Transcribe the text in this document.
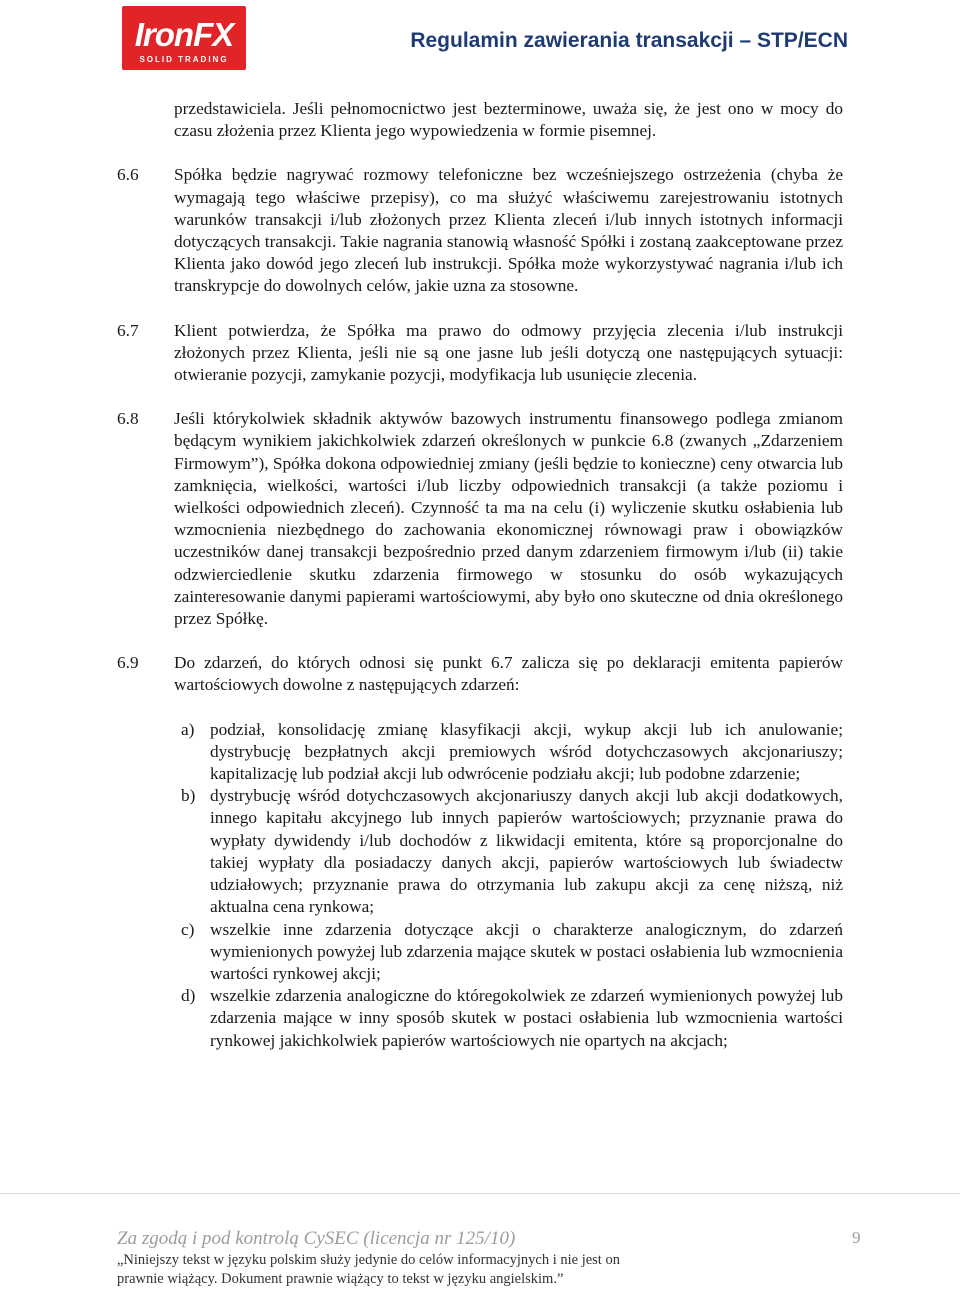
IronFX
SOLID TRADING
Regulamin zawierania transakcji – STP/ECN

przedstawiciela. Jeśli pełnomocnictwo jest bezterminowe, uważa się, że jest ono w mocy do czasu złożenia przez Klienta jego wypowiedzenia w formie pisemnej.

6.6 Spółka będzie nagrywać rozmowy telefoniczne bez wcześniejszego ostrzeżenia (chyba że wymagają tego właściwe przepisy), co ma służyć właściwemu zarejestrowaniu istotnych warunków transakcji i/lub złożonych przez Klienta zleceń i/lub innych istotnych informacji dotyczących transakcji. Takie nagrania stanowią własność Spółki i zostaną zaakceptowane przez Klienta jako dowód jego zleceń lub instrukcji. Spółka może wykorzystywać nagrania i/lub ich transkrypcje do dowolnych celów, jakie uzna za stosowne.
6.7 Klient potwierdza, że Spółka ma prawo do odmowy przyjęcia zlecenia i/lub instrukcji złożonych przez Klienta, jeśli nie są one jasne lub jeśli dotyczą one następujących sytuacji: otwieranie pozycji, zamykanie pozycji, modyfikacja lub usunięcie zlecenia.
6.8 Jeśli którykolwiek składnik aktywów bazowych instrumentu finansowego podlega zmianom będącym wynikiem jakichkolwiek zdarzeń określonych w punkcie 6.8 (zwanych „Zdarzeniem Firmowym”), Spółka dokona odpowiedniej zmiany (jeśli będzie to konieczne) ceny otwarcia lub zamknięcia, wielkości, wartości i/lub liczby odpowiednich transakcji (a także poziomu i wielkości odpowiednich zleceń). Czynność ta ma na celu (i) wyliczenie skutku osłabienia lub wzmocnienia niezbędnego do zachowania ekonomicznej równowagi praw i obowiązków uczestników danej transakcji bezpośrednio przed danym zdarzeniem firmowym i/lub (ii) takie odzwierciedlenie skutku zdarzenia firmowego w stosunku do osób wykazujących zainteresowanie danymi papierami wartościowymi, aby było ono skuteczne od dnia określonego przez Spółkę.
6.9 Do zdarzeń, do których odnosi się punkt 6.7 zalicza się po deklaracji emitenta papierów wartościowych dowolne z następujących zdarzeń:
a) podział, konsolidację zmianę klasyfikacji akcji, wykup akcji lub ich anulowanie; dystrybucję bezpłatnych akcji premiowych wśród dotychczasowych akcjonariuszy; kapitalizację lub podział akcji lub odwrócenie podziału akcji; lub podobne zdarzenie;
b) dystrybucję wśród dotychczasowych akcjonariuszy danych akcji lub akcji dodatkowych, innego kapitału akcyjnego lub innych papierów wartościowych; przyznanie prawa do wypłaty dywidendy i/lub dochodów z likwidacji emitenta, które są proporcjonalne do takiej wypłaty dla posiadaczy danych akcji, papierów wartościowych lub świadectw udziałowych; przyznanie prawa do otrzymania lub zakupu akcji za cenę niższą, niż aktualna cena rynkowa;
c) wszelkie inne zdarzenia dotyczące akcji o charakterze analogicznym, do zdarzeń wymienionych powyżej lub zdarzenia mające skutek w postaci osłabienia lub wzmocnienia wartości rynkowej akcji;
d) wszelkie zdarzenia analogiczne do któregokolwiek ze zdarzeń wymienionych powyżej lub zdarzenia mające w inny sposób skutek w postaci osłabienia lub wzmocnienia wartości rynkowej jakichkolwiek papierów wartościowych nie opartych na akcjach;
Za zgodą i pod kontrolą CySEC (licencja nr 125/10)	9
„Niniejszy tekst w języku polskim służy jedynie do celów informacyjnych i nie jest on prawnie wiążący. Dokument prawnie wiążący to tekst w języku angielskim.”
